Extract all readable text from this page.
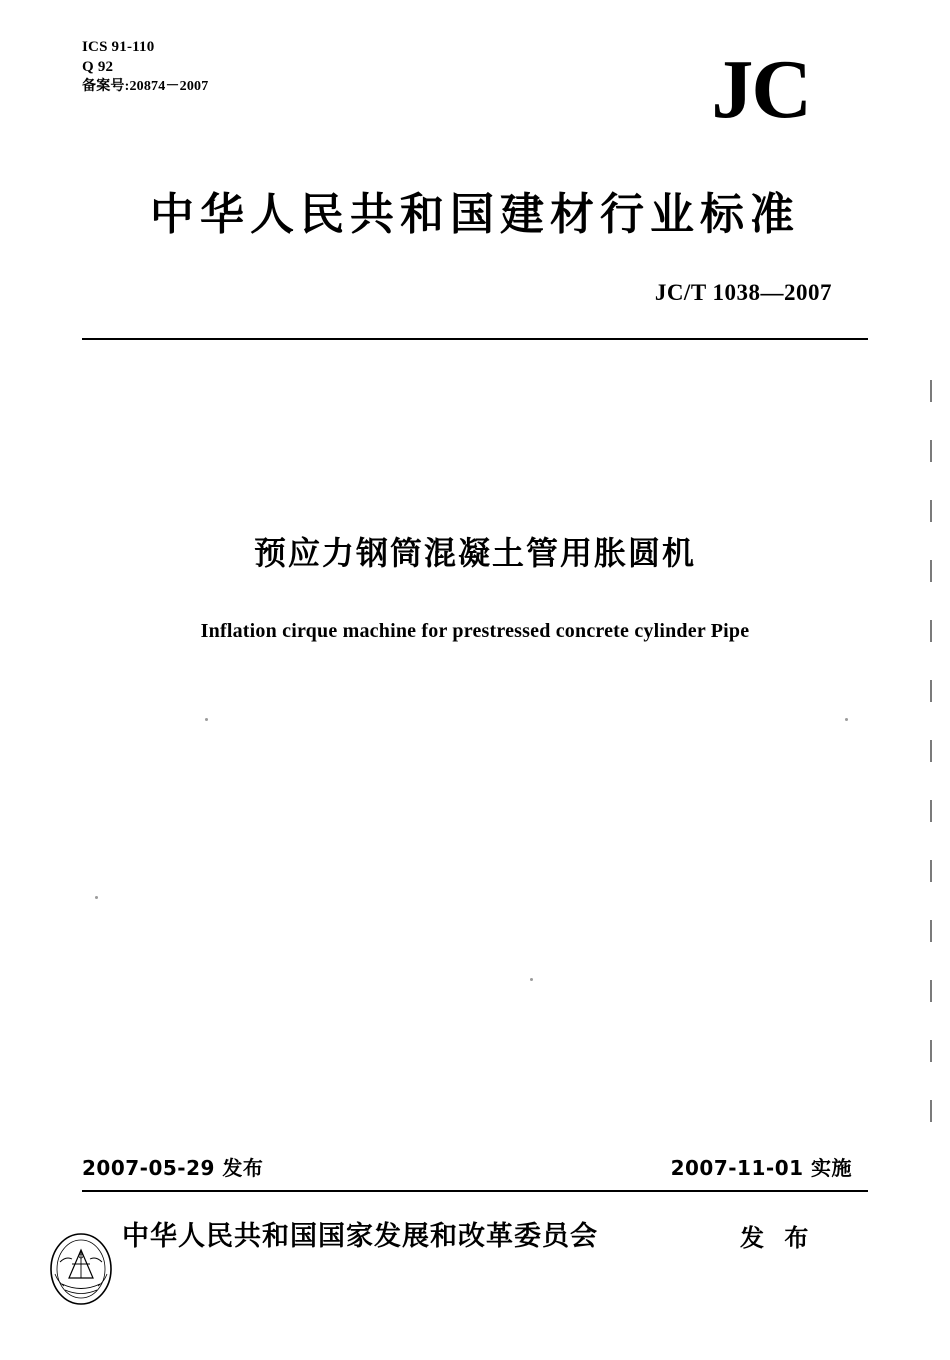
ICS 91-110
Q 92
备案号:20874－2007	JC
中华人民共和国建材行业标准
JC/T 1038—2007
预应力钢筒混凝土管用胀圆机
Inflation cirque machine for prestressed concrete cylinder Pipe
2007-05-29 发布	2007-11-01 实施
中华人民共和国国家发展和改革委员会	发 布
